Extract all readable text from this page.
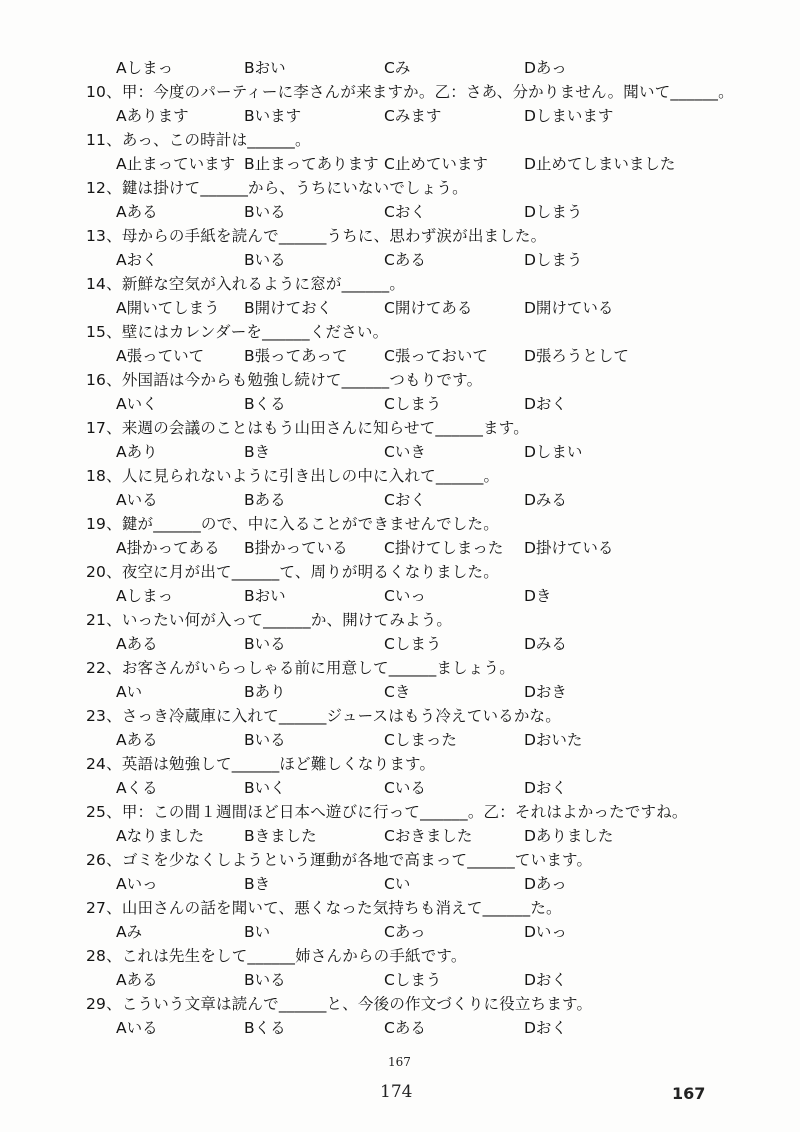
Aしまっ	Bおい	Cみ	Dあっ
10、甲：今度のパーティーに李さんが来ますか。乙：さあ、分かりません。聞いて______。
Aあります	Bいます	Cみます	Dしまいます
11、あっ、この時計は______。
A止まっています B止まってあります C止めています D止めてしまいました
12、鍵は掛けて______から、うちにいないでしょう。
Aある	Bいる	Cおく	Dしまう
13、母からの手紙を読んで______うちに、思わず涙が出ました。
Aおく	Bいる	Cある	Dしまう
14、新鮮な空気が入れるように窓が______。
A開いてしまう B開けておく	C開けてある	D開けている
15、壁にはカレンダーを______ください。
A張っていて	B張ってあって C張っておいて D張ろうとして
16、外国語は今からも勉強し続けて______つもりです。
Aいく	Bくる	Cしまう	Dおく
17、来週の会議のことはもう山田さんに知らせて______ます。
Aあり	Bき	Cいき	Dしまい
18、人に見られないように引き出しの中に入れて______。
Aいる	Bある	Cおく	Dみる
19、鍵が______ので、中に入ることができませんでした。
A掛かってある B掛かっている C掛けてしまった D掛けている
20、夜空に月が出て______て、周りが明るくなりました。
Aしまっ	Bおい	Cいっ	Dき
21、いったい何が入って______か、開けてみよう。
Aある	Bいる	Cしまう	Dみる
22、お客さんがいらっしゃる前に用意して______ましょう。
Aい	Bあり	Cき	Dおき
23、さっき冷蔵庫に入れて______ジュースはもう冷えているかな。
Aある	Bいる	Cしまった	Dおいた
24、英語は勉強して______ほど難しくなります。
Aくる	Bいく	Cいる	Dおく
25、甲：この間１週間ほど日本へ遊びに行って______。乙：それはよかったですね。
Aなりました	Bきました	Cおきました	Dありました
26、ゴミを少なくしようという運動が各地で高まって______ています。
Aいっ	Bき	Cい	Dあっ
27、山田さんの話を聞いて、悪くなった気持ちも消えて______た。
Aみ	Bい	Cあっ	Dいっ
28、これは先生をして______姉さんからの手紙です。
Aある	Bいる	Cしまう	Dおく
29、こういう文章は読んで______と、今後の作文づくりに役立ちます。
Aいる	Bくる	Cある	Dおく
167
174	167
